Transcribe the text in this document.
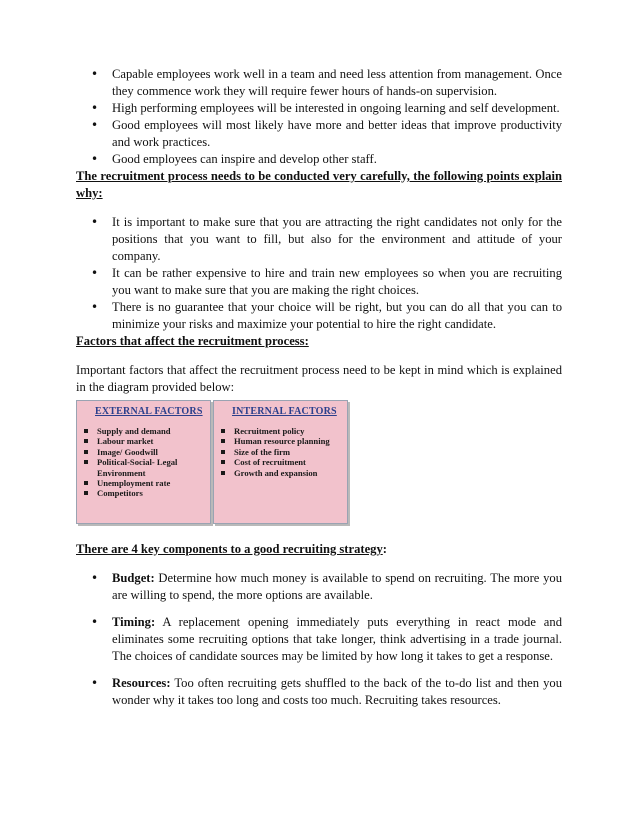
• Capable employees work well in a team and need less attention from management. Once they commence work they will require fewer hours of hands-on supervision.
• High performing employees will be interested in ongoing learning and self development.
• Good employees will most likely have more and better ideas that improve productivity and work practices.
• Good employees can inspire and develop other staff.

The recruitment process needs to be conducted very carefully, the following points explain why:

• It is important to make sure that you are attracting the right candidates not only for the positions that you want to fill, but also for the environment and attitude of your company.
• It can be rather expensive to hire and train new employees so when you are recruiting you want to make sure that you are making the right choices.
• There is no guarantee that your choice will be right, but you can do all that you can to minimize your risks and maximize your potential to hire the right candidate.

Factors that affect the recruitment process:

Important factors that affect the recruitment process need to be kept in mind which is explained in the diagram provided below:

EXTERNAL FACTORS
Supply and demand
Labour market
Image/ Goodwill
Political-Social- Legal Environment
Unemployment rate
Competitors
INTERNAL FACTORS
Recruitment policy
Human resource planning
Size of the firm
Cost of recruitment
Growth and expansion

There are 4 key components to a good recruiting strategy:

• Budget: Determine how much money is available to spend on recruiting. The more you are willing to spend, the more options are available.
• Timing: A replacement opening immediately puts everything in react mode and eliminates some recruiting options that take longer, think advertising in a trade journal. The choices of candidate sources may be limited by how long it takes to get a response.
• Resources: Too often recruiting gets shuffled to the back of the to-do list and then you wonder why it takes too long and costs too much. Recruiting takes resources.
